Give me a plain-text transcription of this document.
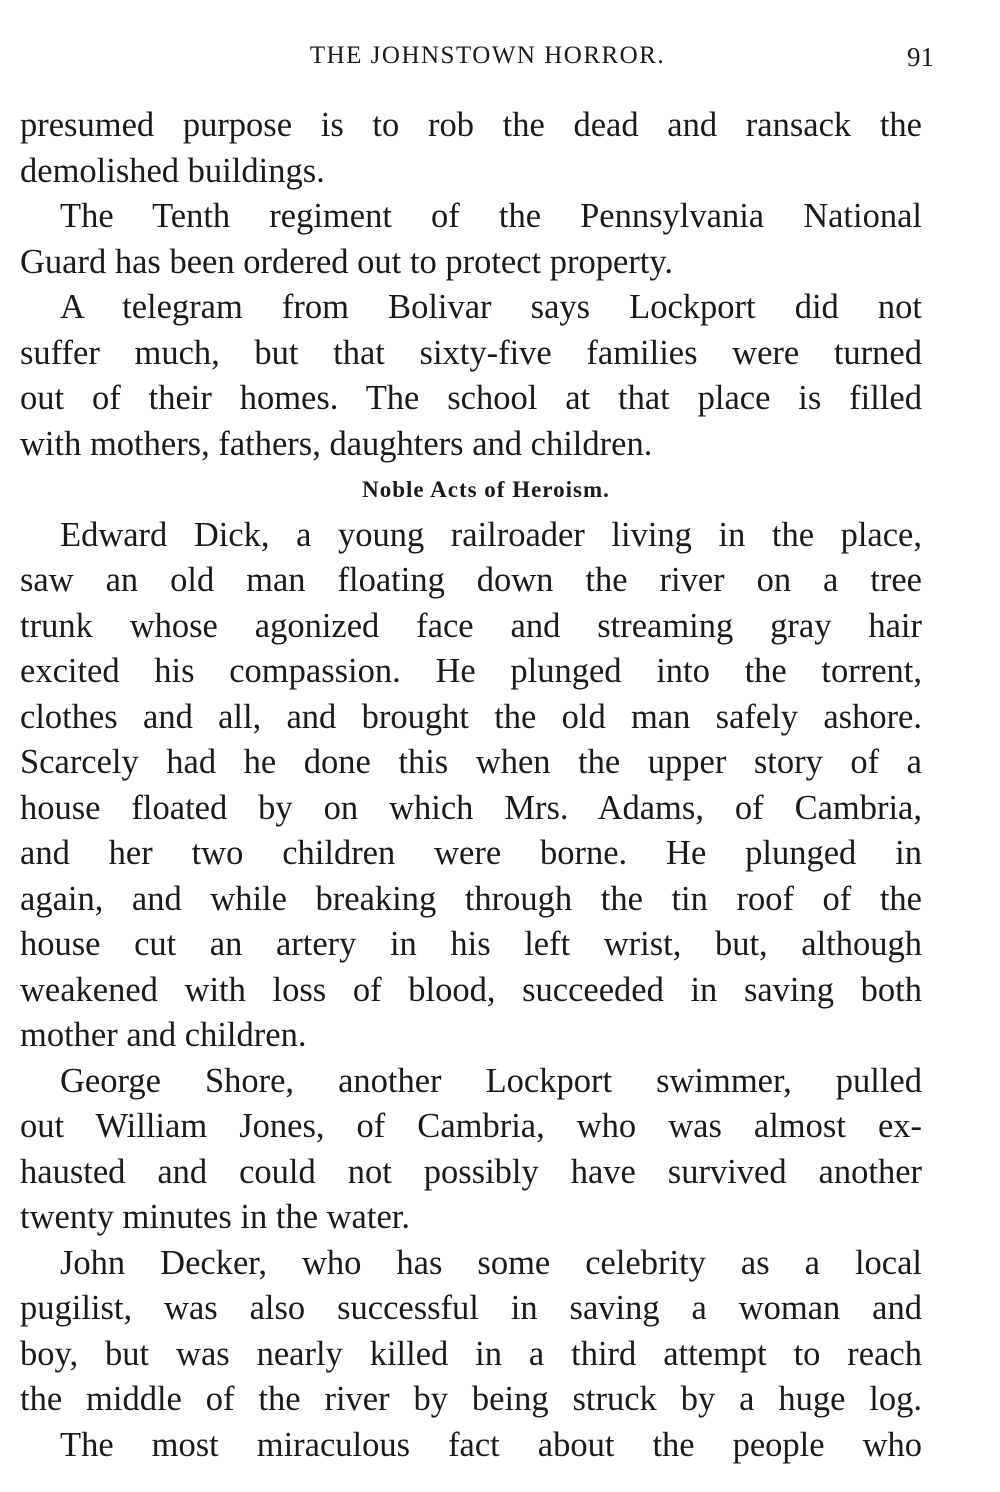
THE JOHNSTOWN HORROR.	91
presumed purpose is to rob the dead and ransack the
demolished buildings.
The Tenth regiment of the Pennsylvania National
Guard has been ordered out to protect property.
A telegram from Bolivar says Lockport did not
suffer much, but that sixty-five families were turned
out of their homes. The school at that place is filled
with mothers, fathers, daughters and children.
Noble Acts of Heroism.
Edward Dick, a young railroader living in the place,
saw an old man floating down the river on a tree
trunk whose agonized face and streaming gray hair
excited his compassion. He plunged into the torrent,
clothes and all, and brought the old man safely ashore.
Scarcely had he done this when the upper story of a
house floated by on which Mrs. Adams, of Cambria,
and her two children were borne. He plunged in
again, and while breaking through the tin roof of the
house cut an artery in his left wrist, but, although
weakened with loss of blood, succeeded in saving both
mother and children.
George Shore, another Lockport swimmer, pulled
out William Jones, of Cambria, who was almost ex-
hausted and could not possibly have survived another
twenty minutes in the water.
John Decker, who has some celebrity as a local
pugilist, was also successful in saving a woman and
boy, but was nearly killed in a third attempt to reach
the middle of the river by being struck by a huge log.
The most miraculous fact about the people who
